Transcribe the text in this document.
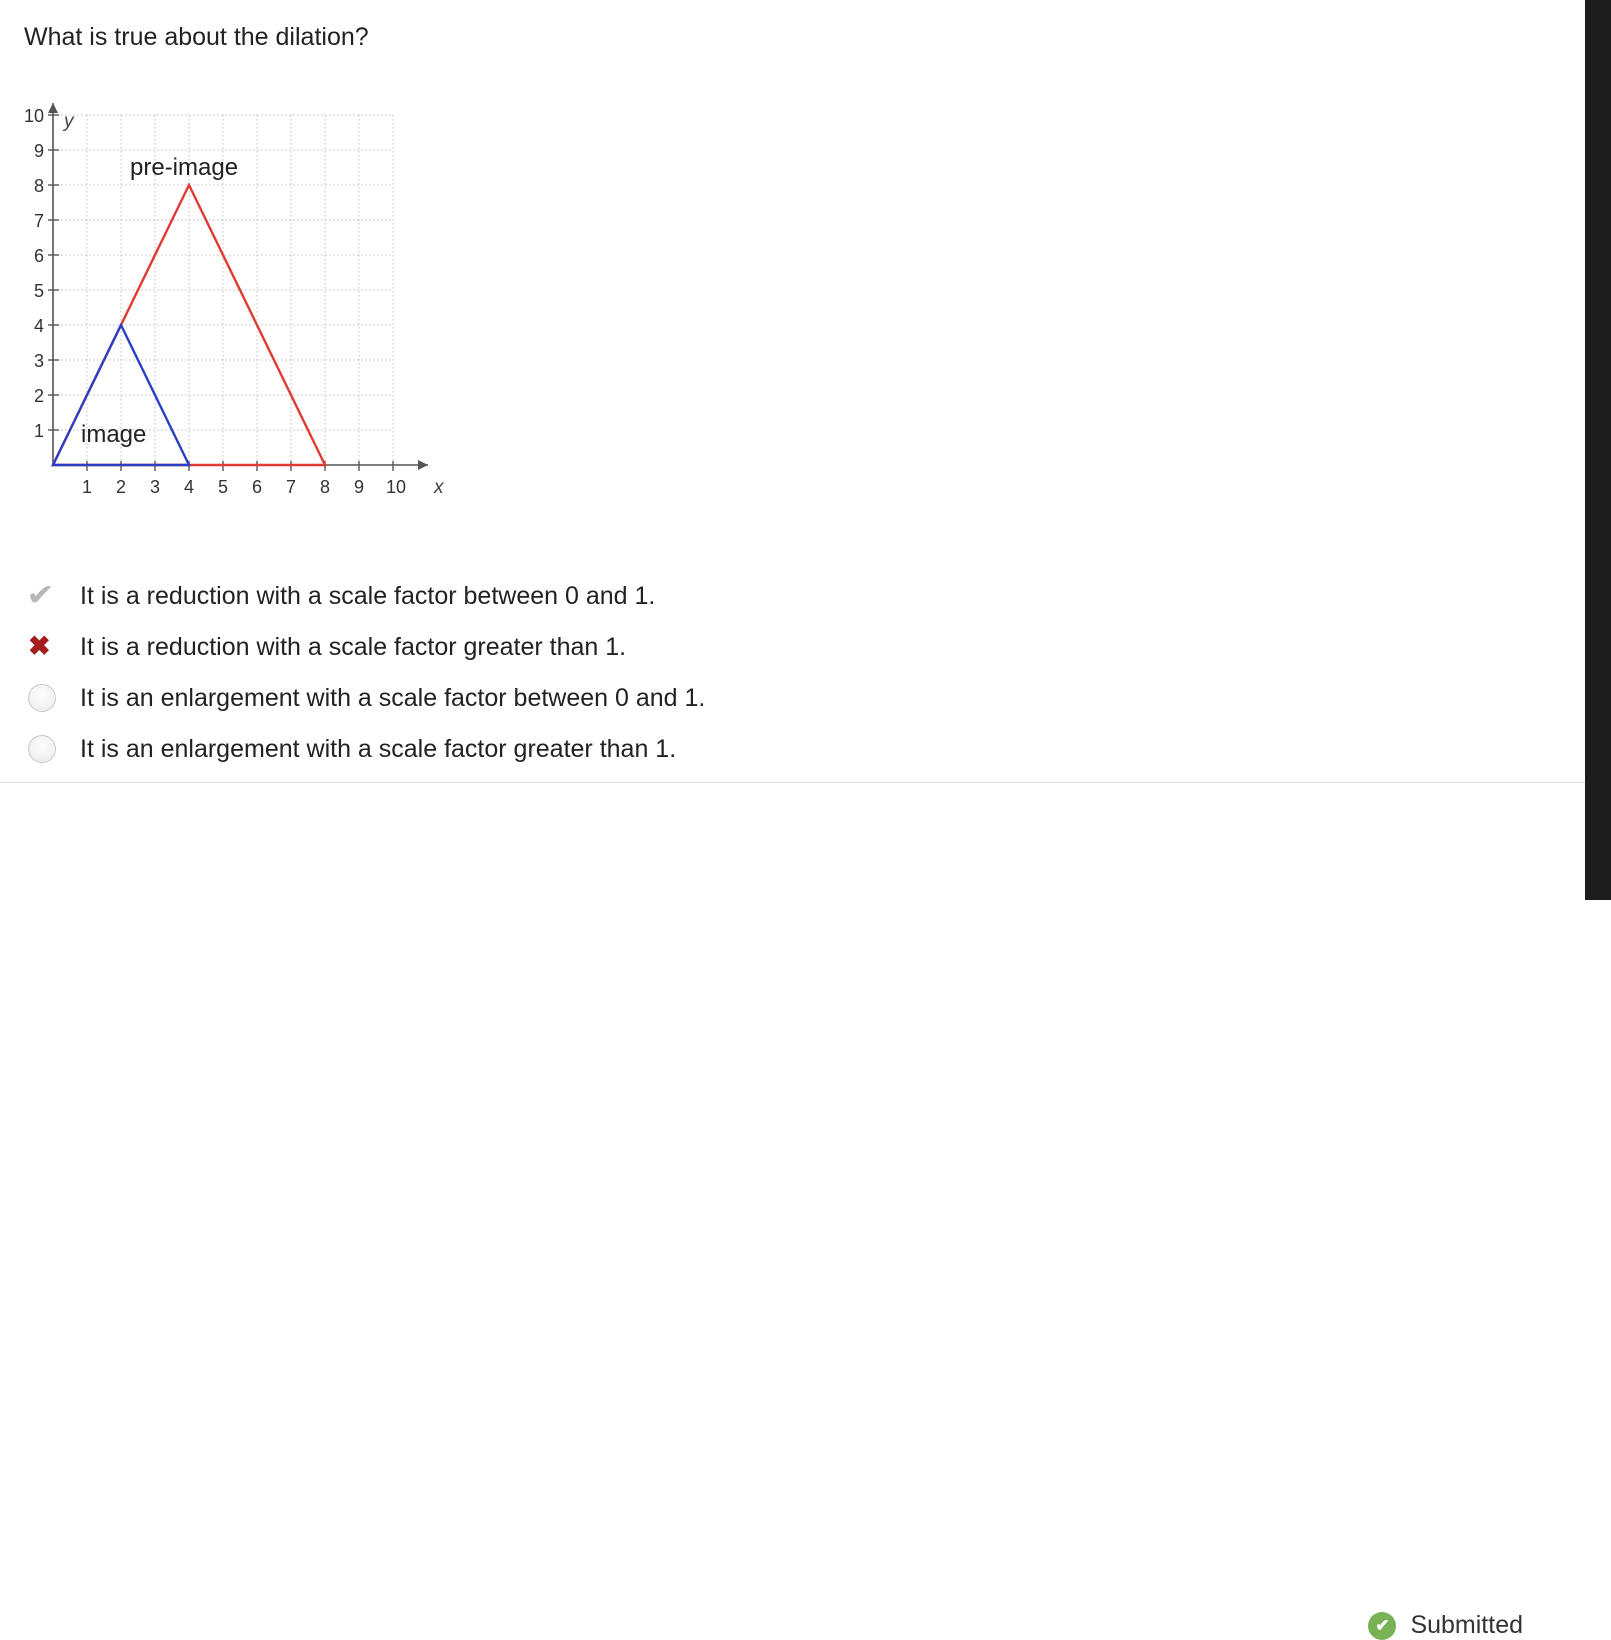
What is true about the dilation?
pre-image
image
y
x
1 2 3 4 5 6 7 8 9 10
1
2
3
4
5
6
7
8
9
10
✔ It is a reduction with a scale factor between 0 and 1.
✖ It is a reduction with a scale factor greater than 1.
It is an enlargement with a scale factor between 0 and 1.
It is an enlargement with a scale factor greater than 1.
✔ Submitted
